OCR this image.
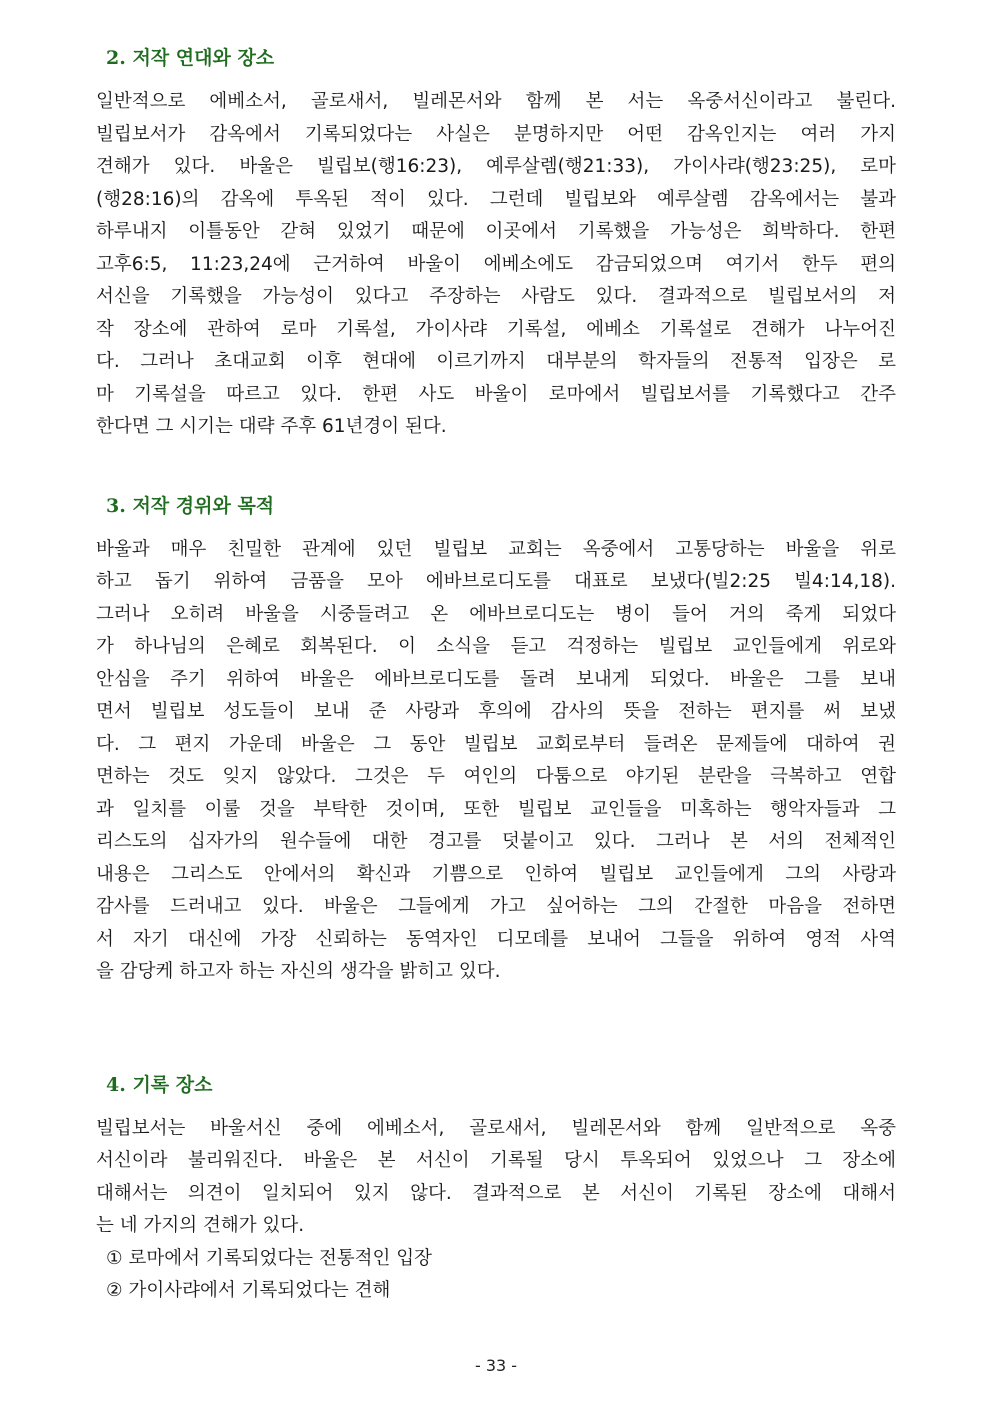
2. 저작 연대와 장소
일반적으로 에베소서, 골로새서, 빌레몬서와 함께 본 서는 옥중서신이라고 불린다.
빌립보서가 감옥에서 기록되었다는 사실은 분명하지만 어떤 감옥인지는 여러 가지
견해가 있다. 바울은 빌립보(행16:23), 예루살렘(행21:33), 가이사랴(행23:25), 로마
(행28:16)의 감옥에 투옥된 적이 있다. 그런데 빌립보와 예루살렘 감옥에서는 불과
하루내지 이틀동안 갇혀 있었기 때문에 이곳에서 기록했을 가능성은 희박하다. 한편
고후6:5, 11:23,24에 근거하여 바울이 에베소에도 감금되었으며 여기서 한두 편의
서신을 기록했을 가능성이 있다고 주장하는 사람도 있다. 결과적으로 빌립보서의 저
작 장소에 관하여 로마 기록설, 가이사랴 기록설, 에베소 기록설로 견해가 나누어진
다. 그러나 초대교회 이후 현대에 이르기까지 대부분의 학자들의 전통적 입장은 로
마 기록설을 따르고 있다. 한편 사도 바울이 로마에서 빌립보서를 기록했다고 간주
한다면 그 시기는 대략 주후 61년경이 된다.
3. 저작 경위와 목적
바울과 매우 친밀한 관계에 있던 빌립보 교회는 옥중에서 고통당하는 바울을 위로
하고 돕기 위하여 금품을 모아 에바브로디도를 대표로 보냈다(빌2:25 빌4:14,18).
그러나 오히려 바울을 시중들려고 온 에바브로디도는 병이 들어 거의 죽게 되었다
가 하나님의 은혜로 회복된다. 이 소식을 듣고 걱정하는 빌립보 교인들에게 위로와
안심을 주기 위하여 바울은 에바브로디도를 돌려 보내게 되었다. 바울은 그를 보내
면서 빌립보 성도들이 보내 준 사랑과 후의에 감사의 뜻을 전하는 편지를 써 보냈
다. 그 편지 가운데 바울은 그 동안 빌립보 교회로부터 들려온 문제들에 대하여 권
면하는 것도 잊지 않았다. 그것은 두 여인의 다툼으로 야기된 분란을 극복하고 연합
과 일치를 이룰 것을 부탁한 것이며, 또한 빌립보 교인들을 미혹하는 행악자들과 그
리스도의 십자가의 원수들에 대한 경고를 덧붙이고 있다. 그러나 본 서의 전체적인
내용은 그리스도 안에서의 확신과 기쁨으로 인하여 빌립보 교인들에게 그의 사랑과
감사를 드러내고 있다. 바울은 그들에게 가고 싶어하는 그의 간절한 마음을 전하면
서 자기 대신에 가장 신뢰하는 동역자인 디모데를 보내어 그들을 위하여 영적 사역
을 감당케 하고자 하는 자신의 생각을 밝히고 있다.
4. 기록 장소
빌립보서는 바울서신 중에 에베소서, 골로새서, 빌레몬서와 함께 일반적으로 옥중
서신이라 불리워진다. 바울은 본 서신이 기록될 당시 투옥되어 있었으나 그 장소에
대해서는 의견이 일치되어 있지 않다. 결과적으로 본 서신이 기록된 장소에 대해서
는 네 가지의 견해가 있다.
① 로마에서 기록되었다는 전통적인 입장
② 가이사랴에서 기록되었다는 견해
- 33 -
